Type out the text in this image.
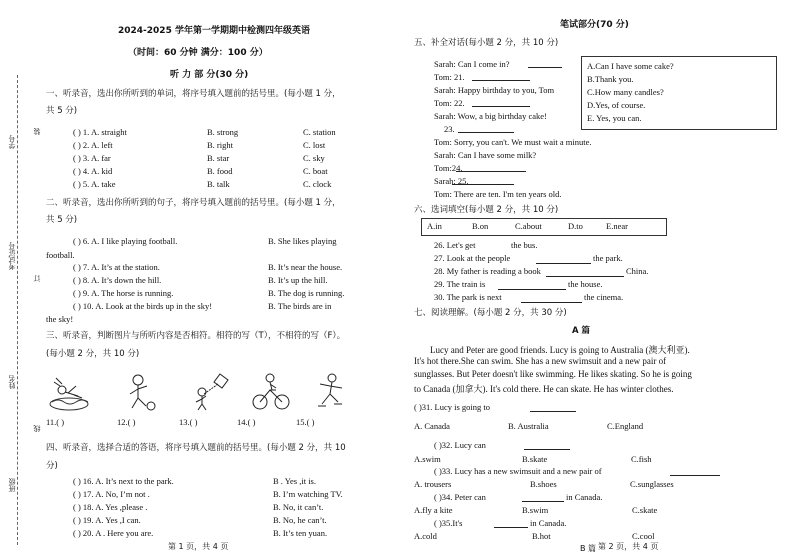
学号
考试证号
姓名
班级
装
订
线
2024-2025 学年第一学期期中检测四年级英语
（时间：60 分钟 满分：100 分）
听 力 部 分(30 分)
一、听录音，选出你所听到的单词，将序号填入题前的括号里。(每小题 1 分，
共 5 分)
( ) 1. A. straight	B. strong	C. station
( ) 2. A. left	B. right	C. lost
( ) 3. A. far	B. star	C. sky
( ) 4. A. kid	B. food	C. boat
( ) 5. A. take	B. talk	C. clock
二、听录音，选出你所听到的句子，将序号填入题前的括号里。(每小题 1 分，
共 5 分)
( ) 6. A. I like playing football.	B. She likes playing
football.
( ) 7. A. It’s at the station.	B. It’s near the house.
( ) 8. A. It’s down the hill.	B. It’s up the hill.
( ) 9. A. The horse is running.	B. The dog is running.
( ) 10. A. Look at the birds up in the sky!	B. The birds are in
the sky!
三、听录音，判断图片与所听内容是否相符。相符的写（T），不相符的写（F）。
(每小题 2 分，共 10 分)
11.( )	12.( )	13.( )	14.( )	15.( )
四、听录音，选择合适的答语，将序号填入题前的括号里。(每小题 2 分，共 10
分)
( ) 16. A. It’s next to the park.	B . Yes ,it is.
( ) 17. A. No, I’m not .	B. I’m watching TV.
( ) 18. A. Yes ,please .	B. No, it can’t.
( ) 19. A. Yes ,I can.	B. No, he can’t.
( ) 20. A . Here you are.	B. It’s ten yuan.
第 1 页，共 4 页
笔试部分(70 分)
五、补全对话(每小题 2 分，共 10 分)
Sarah: Can I come in?
Tom: 21.
Sarah: Happy birthday to you, Tom
Tom: 22.
Sarah: Wow, a big birthday cake!
23.
Tom: Sorry, you can't. We must wait a minute.
Sarah: Can I have some milk?
Tom:24.
Sarah: 25.
Tom: There are ten. I'm ten years old.
A.Can I have some cake?
B.Thank you.
C.How many candles?
D.Yes, of course.
E. Yes, you can.
六、选词填空(每小题 2 分，共 10 分)
A.in	B.on	C.about	D.to	E.near
26. Let's get	the bus.
27. Look at the people	the park.
28. My father is reading a book	China.
29. The train is	the house.
30. The park is next	the cinema.
七、阅读理解。(每小题 2 分，共 30 分)
A 篇
Lucy and Peter are good friends. Lucy is going to Australia (澳大利亚).
It's hot there.She can swim. She has a new swimsuit and a new pair of
sunglasses. But Peter doesn't like swimming. He likes skating. So he is going
to Canada (加拿大). It's cold there. He can skate. He has winter clothes.
( )31. Lucy is going to
A. Canada	B. Australia	C.England
( )32. Lucy can
A.swim	B.skate	C.fish
( )33. Lucy has a new swimsuit and a new pair of
A. trousers	B.shoes	C.sunglasses
( )34. Peter can	in Canada.
A.fly a kite	B.swim	C.skate
( )35.It's	in Canada.
A.cold	B.hot	C.cool
B 篇 第 2 页，共 4 页
